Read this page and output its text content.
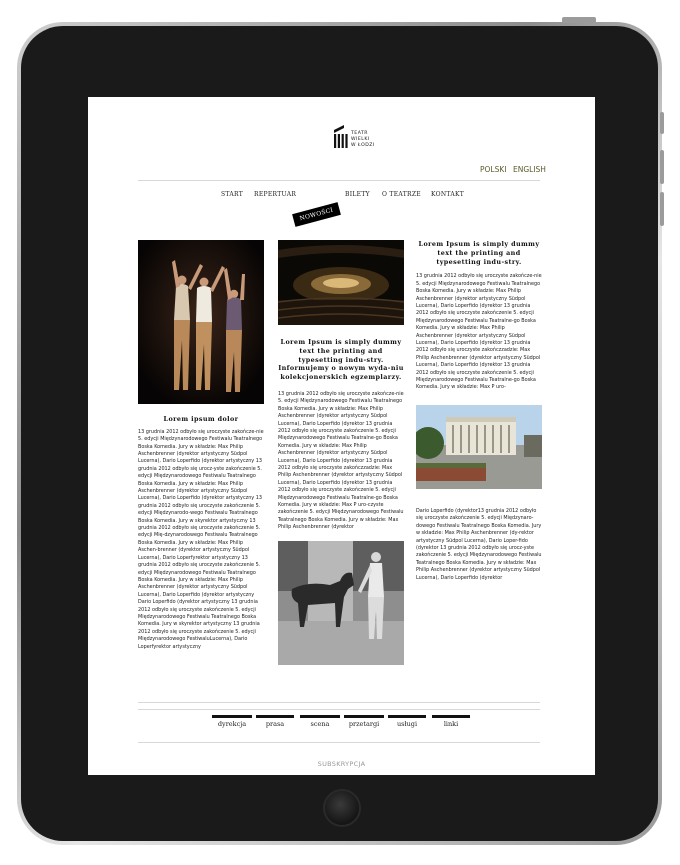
TEATR
WIELKI
W ŁODZI
POLSKI ENGLISH
START REPERTUAR	BILETY O TEATRZE KONTAKT
NOWOŚCI

Lorem ipsum dolor

13 grudnia 2012 odbyło się uroczyste zakończe-nie 5. edycji Międzynarodowego Festiwalu Teatralnego Boska Komedia. Jury w składzie: Max Philip Aschenbrenner (dyrektor artystyczny Südpol Lucerna), Dario Loperfido (dyrektor artystyczny 13 grudnia 2012 odbyło się urocz-yste zakończenie 5. edycji Międzynarodowego Festiwalu Teatralnego Boska Komedia. Jury w składzie: Max Philip Aschenbrenner (dyrektor artystyczny Südpol Lucerna), Dario Loperfido (dyrektor artystyczny 13 grudnia 2012 odbyło się uroczyste zakończenie 5. edycji Międzynarodo-wego Festiwalu Teatralnego Boska Komedia. Jury w skyrektor artystyczny 13 grudnia 2012 odbyło się uroczyste zakończenie 5. edycji Mię-dzynarodowego Festiwalu Teatralnego Boska Komedia. Jury w składzie: Max Philip Aschen-brenner (dyrektor artystyczny Südpol Lucerna), Dario Loperfyrektor artystyczny 13 grudnia 2012 odbyło się uroczyste zakończenie 5. edycji Międzynarodowego Festiwalu Teatralnego Boska Komedia. Jury w składzie: Max Philip Aschenbrenner (dyrektor artystyczny Südpol Lucerna), Dario Loperfido (dyrektor artystyczny Dario Loperfido (dyrektor artystyczny 13 grudnia 2012 odbyło się uroczyste zakończenie 5. edycji Międzynarodowego Festiwalu Teatralnego Boska Komedia. Jury w skyrektor artystyczny 13 grudnia 2012 odbyło się uroczyste zakończenie 5. edycji Międzynarodowego FestiwaluLucerna), Dario Loperfyrektor artystyczny

Lorem Ipsum is simply dummy text the printing and typesetting indu-stry. Informujemy o nowym wyda-niu kolekcjonerskich egzemplarzy.

13 grudnia 2012 odbyło się uroczyste zakończe-nie 5. edycji Międzynarodowego Festiwalu Teatralnego Boska Komedia. Jury w składzie: Max Philip Aschenbrenner (dyrektor artystyczny Südpol Lucerna), Dario Loperfido (dyrektor 13 grudnia 2012 odbyło się uroczyste zakończenie 5. edycji Międzynarodowego Festiwalu Teatralne-go Boska Komedia. Jury w składzie: Max Philip Aschenbrenner (dyrektor artystyczny Südpol Lucerna), Dario Loperfido (dyrektor 13 grudnia 2012 odbyło się uroczyste zakończzadzie: Max Philip Aschenbrenner (dyrektor artystyczny Südpol Lucerna), Dario Loperfido (dyrektor 13 grudnia 2012 odbyło się uroczyste zakończenie 5. edycji Międzynarodowego Festiwalu Teatralne-go Boska Komedia. Jury w składzie: Max P uro-czyste zakończenie 5. edycji Międzynarodowego Festiwalu Teatralnego Boska Komedia. Jury w składzie: Max Philip Aschenbrenner (dyrektor

Lorem Ipsum is simply dummy text the printing and typesetting indu-stry.

13 grudnia 2012 odbyło się uroczyste zakończe-nie 5. edycji Międzynarodowego Festiwalu Teatralnego Boska Komedia. Jury w składzie: Max Philip Aschenbrenner (dyrektor artystyczny Südpol Lucerna), Dario Loperfido (dyrektor 13 grudnia 2012 odbyło się uroczyste zakończenie 5. edycji Międzynarodowego Festiwalu Teatralne-go Boska Komedia. Jury w składzie: Max Philip Aschenbrenner (dyrektor artystyczny Südpol Lucerna), Dario Loperfido (dyrektor 13 grudnia 2012 odbyło się uroczyste zakończzadzie: Max Philip Aschenbrenner (dyrektor artystyczny Südpol Lucerna), Dario Loperfido (dyrektor 13 grudnia 2012 odbyło się uroczyste zakończenie 5. edycji Międzynarodowego Festiwalu Teatralne-go Boska Komedia. Jury w składzie: Max P uro-

Dario Loperfido (dyrektor13 grudnia 2012 odbyło się uroczyste zakończenie 5. edycji Międzynaro-dowego Festiwalu Teatralnego Boska Komedia. Jury w składzie: Max Philip Aschenbrenner (dy-rektor artystyczny Südpol Lucerna), Dario Loper-fido (dyrektor 13 grudnia 2012 odbyło się urocz-yste zakończenie 5. edycji Międzynarodowego Festiwalu Teatralnego Boska Komedia. Jury w składzie: Max Philip Aschenbrenner (dyrektor artystyczny Südpol Lucerna), Dario Loperfido (dyrektor

dyrekcja	prasa	scena	przetargi	usługi	linki
SUBSKRYPCJA
